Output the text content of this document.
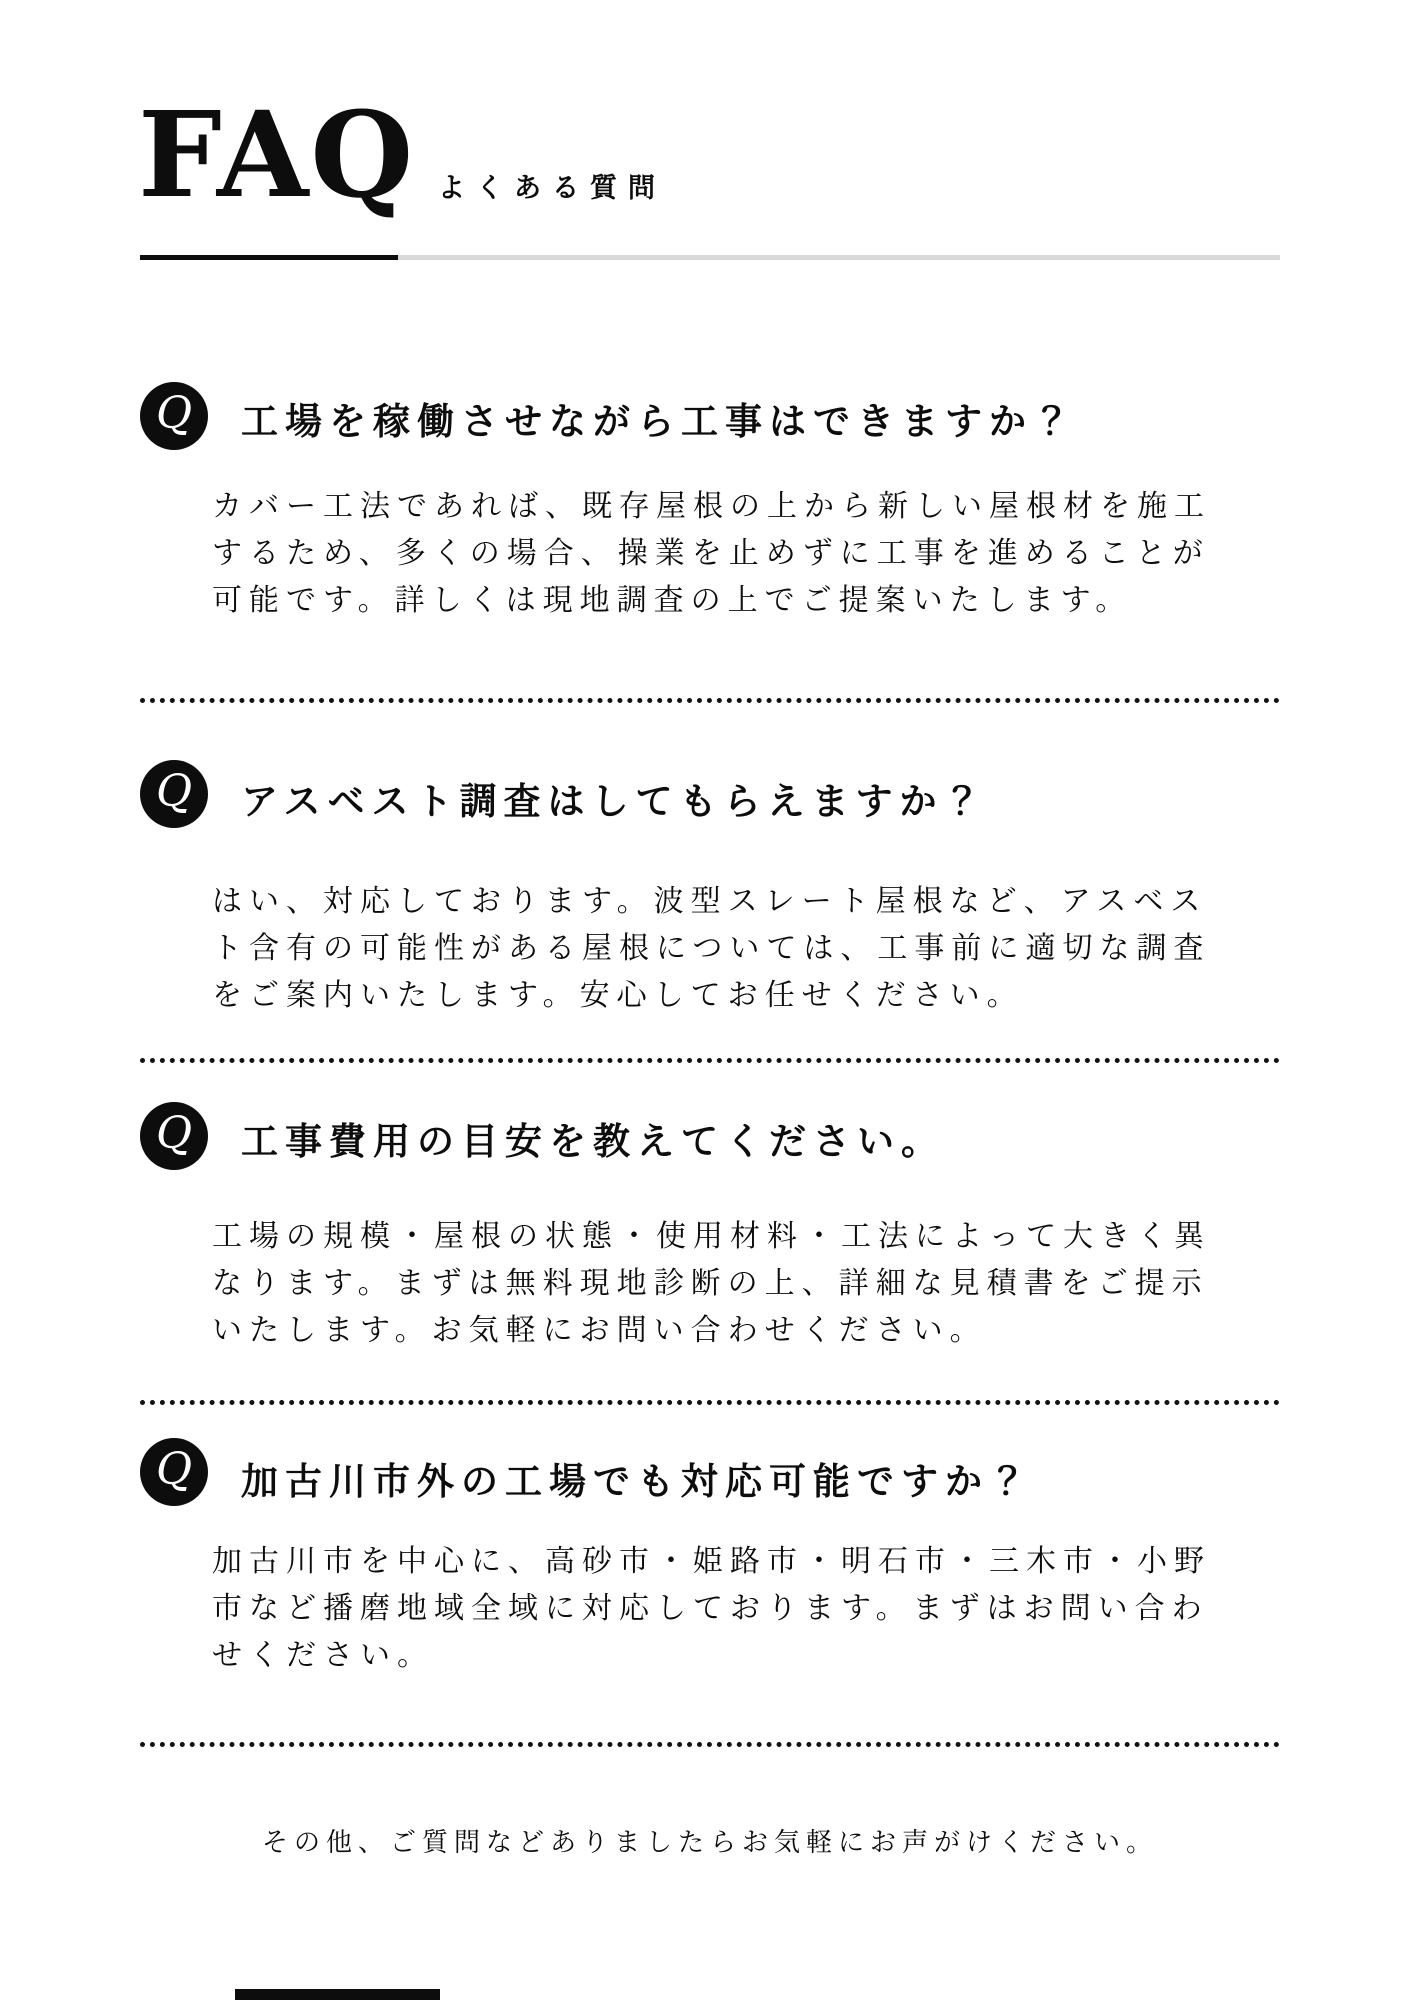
FAQ よくある質問
Q 工場を稼働させながら工事はできますか？

カバー工法であれば、既存屋根の上から新しい屋根材を施工するため、多くの場合、操業を止めずに工事を進めることが可能です。詳しくは現地調査の上でご提案いたします。

Q アスベスト調査はしてもらえますか？

はい、対応しております。波型スレート屋根など、アスベスト含有の可能性がある屋根については、工事前に適切な調査をご案内いたします。安心してお任せください。

Q 工事費用の目安を教えてください。

工場の規模・屋根の状態・使用材料・工法によって大きく異なります。まずは無料現地診断の上、詳細な見積書をご提示いたします。お気軽にお問い合わせください。

Q 加古川市外の工場でも対応可能ですか？

加古川市を中心に、高砂市・姫路市・明石市・三木市・小野市など播磨地域全域に対応しております。まずはお問い合わせください。

その他、ご質問などありましたらお気軽にお声がけください。
